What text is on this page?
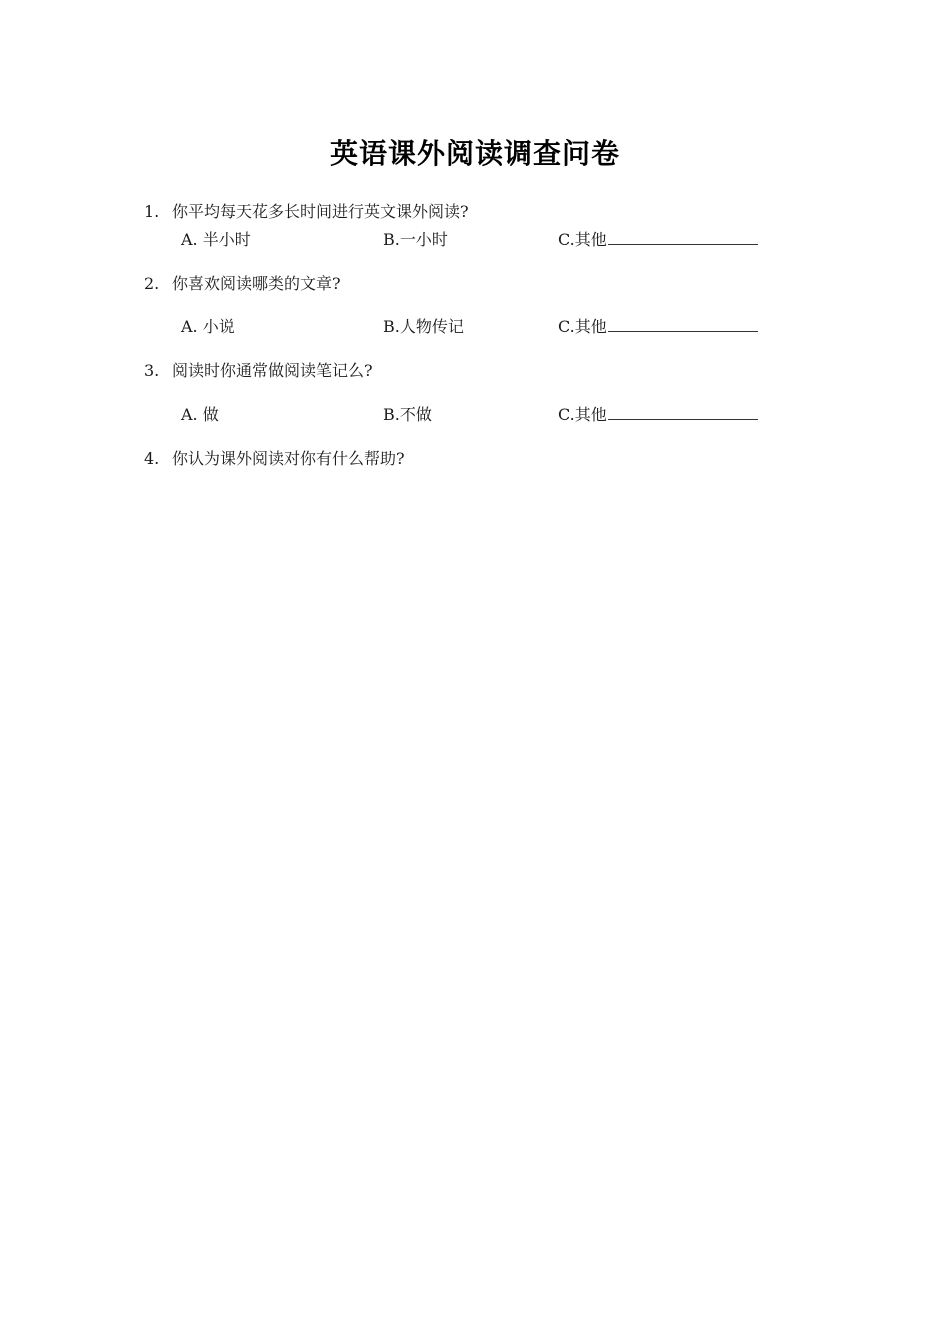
英语课外阅读调查问卷
1. 你平均每天花多长时间进行英文课外阅读?
A. 半小时	B.一小时	C.其他
2. 你喜欢阅读哪类的文章?
A. 小说	B.人物传记	C.其他
3. 阅读时你通常做阅读笔记么?
A. 做	B.不做	C.其他
4. 你认为课外阅读对你有什么帮助?
